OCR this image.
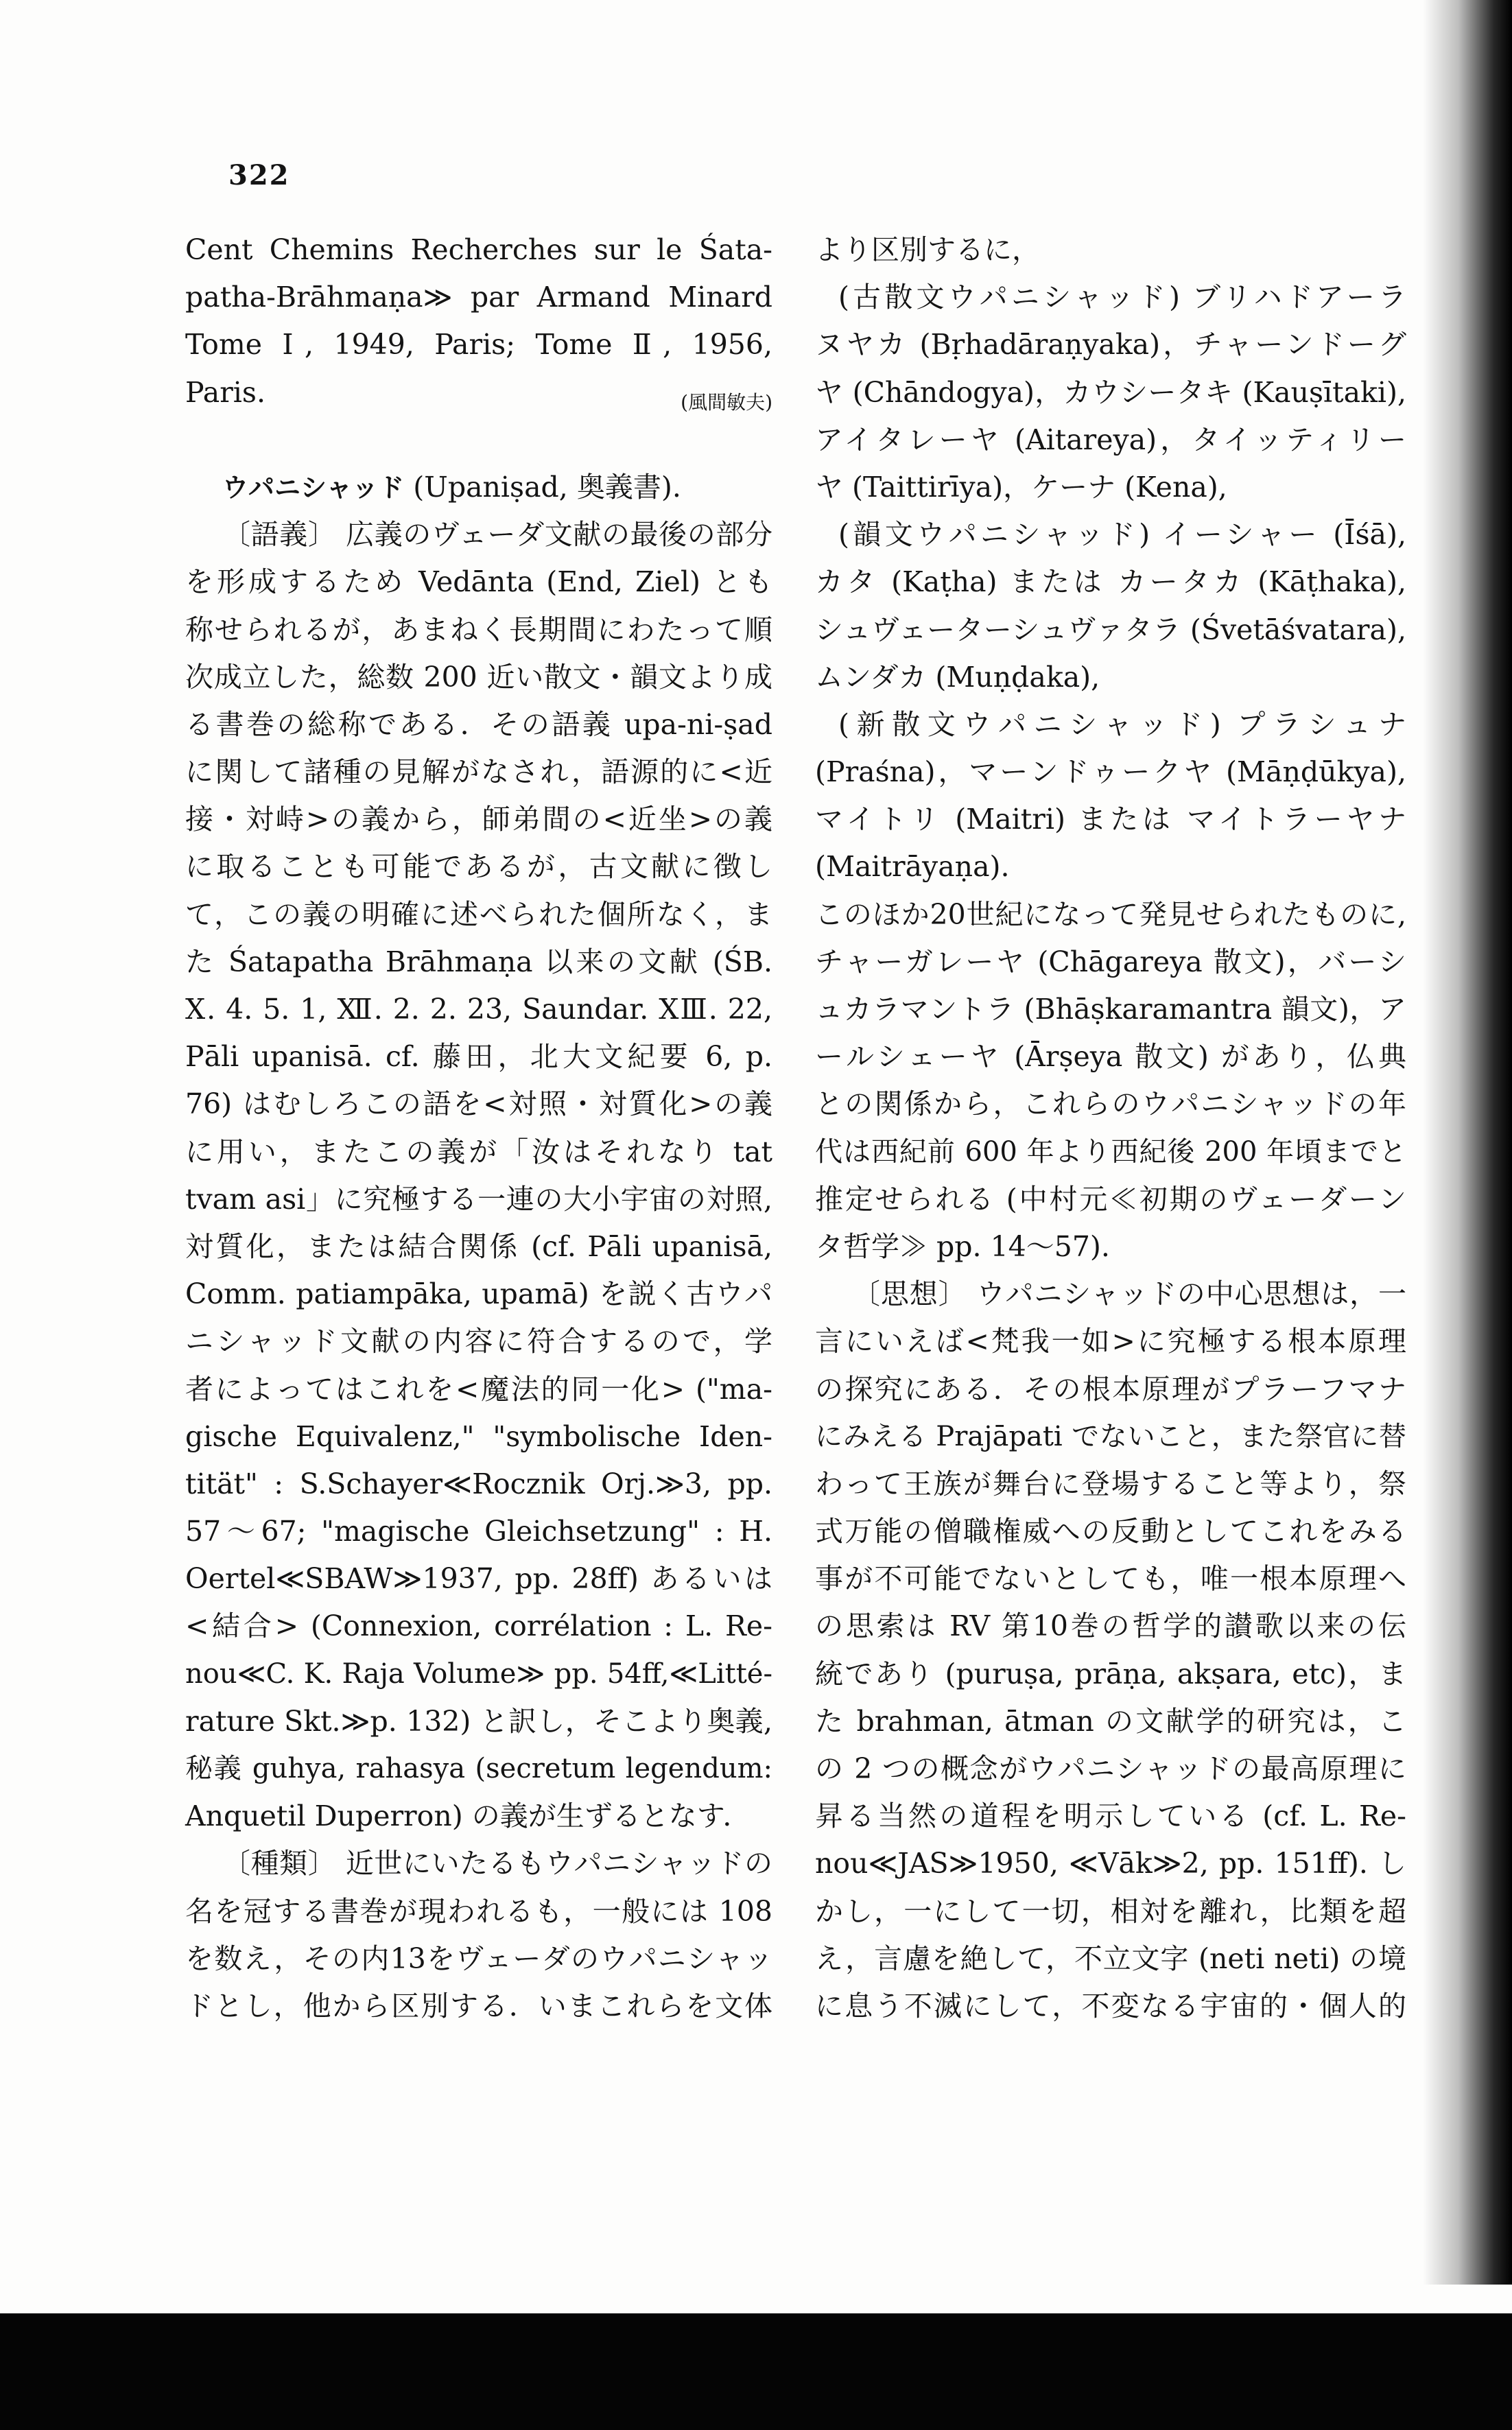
322
Cent Chemins Recherches sur le Śata-
patha-Brāhmaṇa≫ par Armand Minard
Tome Ⅰ, 1949, Paris; Tome Ⅱ, 1956,
Paris.	(風間敏夫)
ウパニシャッド (Upaniṣad, 奥義書).
〔語義〕 広義のヴェーダ文献の最後の部分
を形成するため Vedānta (End, Ziel) とも
称せられるが，あまねく長期間にわたって順
次成立した，総数 200 近い散文・韻文より成
る書巻の総称である．その語義 upa-ni-ṣad
に関して諸種の見解がなされ，語源的に<近
接・対峙>の義から，師弟間の<近坐>の義
に取ることも可能であるが，古文献に徴し
て，この義の明確に述べられた個所なく，ま
た Śatapatha Brāhmaṇa 以来の文献 (ŚB.
Ⅹ. 4. 5. 1, Ⅻ. 2. 2. 23, Saundar. ⅩⅢ. 22,
Pāli upanisā. cf. 藤田，北大文紀要 6, p.
76) はむしろこの語を<対照・対質化>の義
に用い，またこの義が「汝はそれなり tat
tvam asi」に究極する一連の大小宇宙の対照,
対質化，または結合関係 (cf. Pāli upanisā,
Comm. patiampāka, upamā) を説く古ウパ
ニシャッド文献の内容に符合するので，学
者によってはこれを<魔法的同一化> ("ma-
gische Equivalenz," "symbolische Iden-
tität" : S.Schayer≪Rocznik Orj.≫3, pp.
57〜67; "magische Gleichsetzung" : H.
Oertel≪SBAW≫1937, pp. 28ff) あるいは
<結合> (Connexion, corrélation : L. Re-
nou≪C. K. Raja Volume≫ pp. 54ff,≪Litté-
rature Skt.≫p. 132) と訳し，そこより奥義,
秘義 guhya, rahasya (secretum legendum:
Anquetil Duperron) の義が生ずるとなす．
〔種類〕 近世にいたるもウパニシャッドの
名を冠する書巻が現われるも，一般には 108
を数え，その内13をヴェーダのウパニシャッ
ドとし，他から区別する．いまこれらを文体
より区別するに，
(古散文ウパニシャッド) ブリハドアーラ
ヌヤカ (Bṛhadāraṇyaka)，チャーンドーグ
ヤ (Chāndogya)，カウシータキ (Kauṣītaki),
アイタレーヤ (Aitareya)，タイッティリー
ヤ (Taittirīya)，ケーナ (Kena),
(韻文ウパニシャッド) イーシャー (Īśā),
カタ (Kaṭha) または カータカ (Kāṭhaka),
シュヴェーターシュヴァタラ (Śvetāśvatara),
ムンダカ (Muṇḍaka),
(新散文ウパニシャッド) プラシュナ
(Praśna)，マーンドゥークヤ (Māṇḍūkya),
マイトリ (Maitri) または マイトラーヤナ
(Maitrāyaṇa).
このほか20世紀になって発見せられたものに,
チャーガレーヤ (Chāgareya 散文)，バーシ
ュカラマントラ (Bhāṣkaramantra 韻文)，ア
ールシェーヤ (Ārṣeya 散文) があり，仏典
との関係から，これらのウパニシャッドの年
代は西紀前 600 年より西紀後 200 年頃までと
推定せられる (中村元≪初期のヴェーダーン
タ哲学≫ pp. 14〜57).
〔思想〕 ウパニシャッドの中心思想は，一
言にいえば<梵我一如>に究極する根本原理
の探究にある．その根本原理がプラーフマナ
にみえる Prajāpati でないこと，また祭官に替
わって王族が舞台に登場すること等より，祭
式万能の僧職権威への反動としてこれをみる
事が不可能でないとしても，唯一根本原理へ
の思索は RV 第10巻の哲学的讃歌以来の伝
統であり (puruṣa, prāṇa, akṣara, etc)，ま
た brahman, ātman の文献学的研究は，こ
の 2 つの概念がウパニシャッドの最高原理に
昇る当然の道程を明示している (cf. L. Re-
nou≪JAS≫1950, ≪Vāk≫2, pp. 151ff). し
かし，一にして一切，相対を離れ，比類を超
え，言慮を絶して，不立文字 (neti neti) の境
に息う不滅にして，不変なる宇宙的・個人的
